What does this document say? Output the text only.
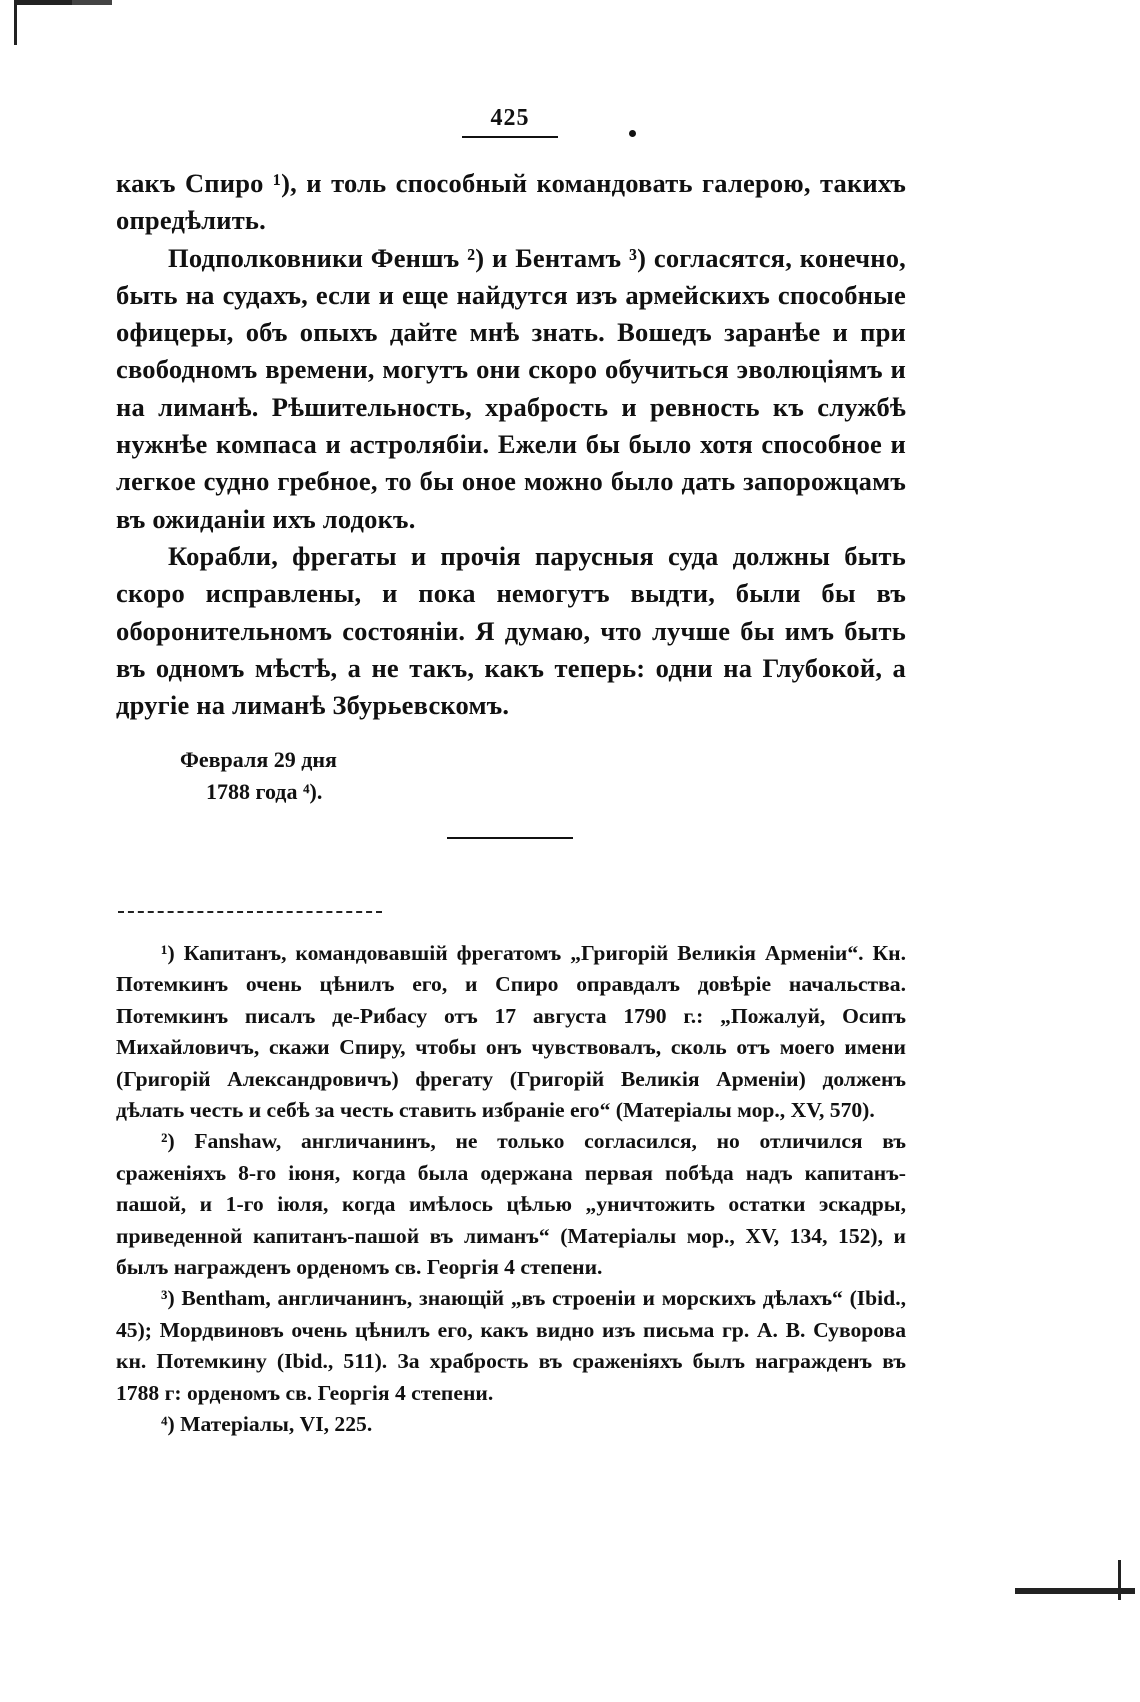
425

какъ Спиро ¹), и толь способный командовать галерою, такихъ опредѣлить.

Подполковники Феншъ ²) и Бентамъ ³) согласятся, конечно, быть на судахъ, если и еще найдутся изъ армейскихъ способные офицеры, объ опыхъ дайте мнѣ знать. Вошедъ заранѣе и при свободномъ времени, могутъ они скоро обучиться эволюціямъ и на лиманѣ. Рѣшительность, храбрость и ревность къ службѣ нужнѣе компаса и астролябіи. Ежели бы было хотя способное и легкое судно гребное, то бы оное можно было дать запорожцамъ въ ожиданіи ихъ лодокъ.

Корабли, фрегаты и прочія парусныя суда должны быть скоро исправлены, и пока немогутъ выдти, были бы въ оборонительномъ состояніи. Я думаю, что лучше бы имъ быть въ одномъ мѣстѣ, а не такъ, какъ теперь: одни на Глубокой, а другіе на лиманѣ Збурьевскомъ.

Февраля 29 дня
1788 года ⁴).

¹) Капитанъ, командовавшій фрегатомъ „Григорій Великія Арменіи“. Кн. Потемкинъ очень цѣнилъ его, и Спиро оправдалъ довѣріе начальства. Потемкинъ писалъ де-Рибасу отъ 17 августа 1790 г.: „Пожалуй, Осипъ Михайловичъ, скажи Спиру, чтобы онъ чувствовалъ, сколь отъ моего имени (Григорій Александровичъ) фрегату (Григорій Великія Арменіи) долженъ дѣлать честь и себѣ за честь ставить избраніе его“ (Матеріалы мор., XV, 570).

²) Fanshaw, англичанинъ, не только согласился, но отличился въ сраженіяхъ 8-го іюня, когда была одержана первая побѣда надъ капитанъ-пашой, и 1-го іюля, когда имѣлось цѣлью „уничтожить остатки эскадры, приведенной капитанъ-пашой въ лиманъ“ (Матеріалы мор., XV, 134, 152), и былъ награжденъ орденомъ св. Георгія 4 степени.

³) Bentham, англичанинъ, знающій „въ строеніи и морскихъ дѣлахъ“ (Ibid., 45); Мордвиновъ очень цѣнилъ его, какъ видно изъ письма гр. А. В. Суворова кн. Потемкину (Ibid., 511). За храбрость въ сраженіяхъ былъ награжденъ въ 1788 г: орденомъ св. Георгія 4 степени.

⁴) Матеріалы, VI, 225.
